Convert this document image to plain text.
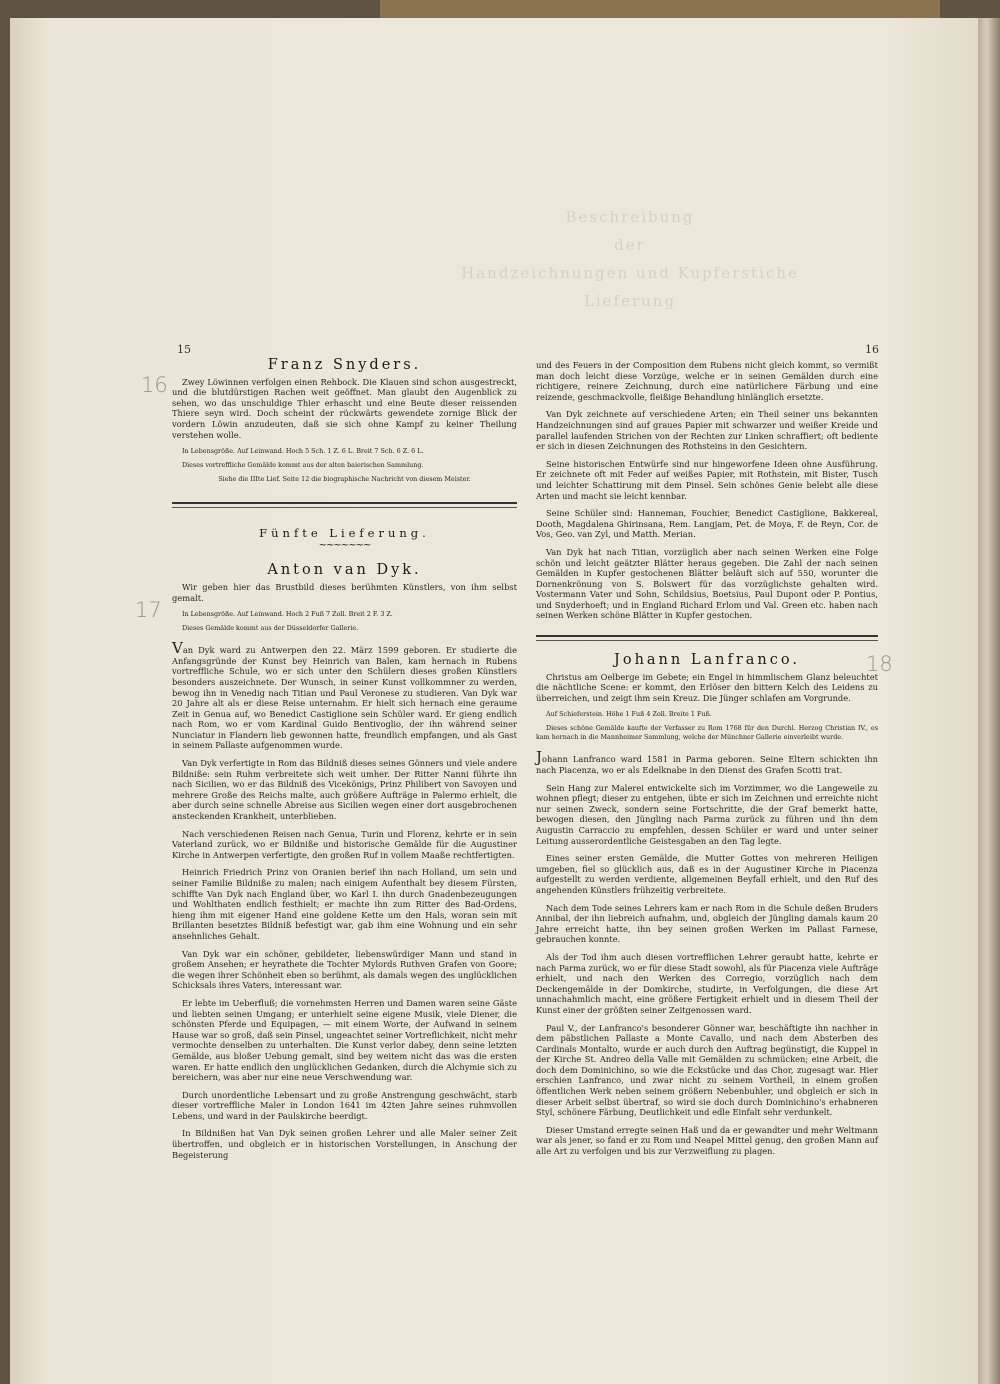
Beschreibung
der
Handzeichnungen und Kupferstiche
Lieferung
15	16
16
17
18
Franz Snyders.

Zwey Löwinnen verfolgen einen Rehbock. Die Klauen sind schon ausgestreckt, und die blutdürstigen Rachen weit geöffnet. Man glaubt den Augenblick zu sehen, wo das unschuldige Thier erhascht und eine Beute dieser reissenden Thiere seyn wird. Doch scheint der rückwärts gewendete zornige Blick der vordern Löwin anzudeuten, daß sie sich ohne Kampf zu keiner Theilung verstehen wolle.

In Lebensgröße. Auf Leinwand. Hoch 5 Sch. 1 Z. 6 L. Breit 7 Sch. 6 Z. 6 L.

Dieses vortreffliche Gemälde kommt aus der alten baierischen Sammlung.

Siehe die IIIte Lief. Seite 12 die biographische Nachricht von diesem Meister.

Fünfte Lieferung.
~~~~~~~
Anton van Dyk.

Wir geben hier das Brustbild dieses berühmten Künstlers, von ihm selbst gemalt.

In Lebensgröße. Auf Leinwand. Hoch 2 Fuß 7 Zoll. Breit 2 F. 3 Z.

Dieses Gemälde kommt aus der Düsseldorfer Gallerie.

Van Dyk ward zu Antwerpen den 22. März 1599 geboren. Er studierte die Anfangsgründe der Kunst bey Heinrich van Balen, kam hernach in Rubens vortreffliche Schule, wo er sich unter den Schülern dieses großen Künstlers besonders auszeichnete. Der Wunsch, in seiner Kunst vollkommner zu werden, bewog ihn in Venedig nach Titian und Paul Veronese zu studieren. Van Dyk war 20 Jahre alt als er diese Reise unternahm. Er hielt sich hernach eine geraume Zeit in Genua auf, wo Benedict Castiglione sein Schüler ward. Er gieng endlich nach Rom, wo er vom Kardinal Guido Bentivoglio, der ihn während seiner Nunciatur in Flandern lieb gewonnen hatte, freundlich empfangen, und als Gast in seinem Pallaste aufgenommen wurde.

Van Dyk verfertigte in Rom das Bildniß dieses seines Gönners und viele andere Bildniße: sein Ruhm verbreitete sich weit umher. Der Ritter Nanni führte ihn nach Sicilien, wo er das Bildniß des Vicekönigs, Prinz Philibert von Savoyen und mehrere Große des Reichs malte, auch größere Aufträge in Palermo erhielt, die aber durch seine schnelle Abreise aus Sicilien wegen einer dort ausgebrochenen ansteckenden Krankheit, unterblieben.

Nach verschiedenen Reisen nach Genua, Turin und Florenz, kehrte er in sein Vaterland zurück, wo er Bildniße und historische Gemälde für die Augustiner Kirche in Antwerpen verfertigte, den großen Ruf in vollem Maaße rechtfertigten.

Heinrich Friedrich Prinz von Oranien berief ihn nach Holland, um sein und seiner Familie Bildniße zu malen; nach einigem Aufenthalt bey diesem Fürsten, schiffte Van Dyk nach England über, wo Karl I. ihn durch Gnadenbezeugungen und Wohlthaten endlich festhielt; er machte ihn zum Ritter des Bad-Ordens, hieng ihm mit eigener Hand eine goldene Kette um den Hals, woran sein mit Brillanten besetztes Bildniß befestigt war, gab ihm eine Wohnung und ein sehr ansehnliches Gehalt.

Van Dyk war ein schöner, gebildeter, liebenswürdiger Mann und stand in großem Ansehen; er heyrathete die Tochter Mylords Ruthven Grafen von Goore; die wegen ihrer Schönheit eben so berühmt, als damals wegen des unglücklichen Schicksals ihres Vaters, interessant war.

Er lebte im Ueberfluß; die vornehmsten Herren und Damen waren seine Gäste und liebten seinen Umgang; er unterhielt seine eigene Musik, viele Diener, die schönsten Pferde und Equipagen, — mit einem Worte, der Aufwand in seinem Hause war so groß, daß sein Pinsel, ungeachtet seiner Vortreflichkeit, nicht mehr vermochte denselben zu unterhalten. Die Kunst verlor dabey, denn seine letzten Gemälde, aus bloßer Uebung gemalt, sind bey weitem nicht das was die ersten waren. Er hatte endlich den unglücklichen Gedanken, durch die Alchymie sich zu bereichern, was aber nur eine neue Verschwendung war.

Durch unordentliche Lebensart und zu große Anstrengung geschwächt, starb dieser vortreffliche Maler in London 1641 im 42ten Jahre seines ruhmvollen Lebens, und ward in der Paulskirche beerdigt.

In Bildnißen hat Van Dyk seinen großen Lehrer und alle Maler seiner Zeit übertroffen, und obgleich er in historischen Vorstellungen, in Anschung der Begeisterung

und des Feuers in der Composition dem Rubens nicht gleich kommt, so vermißt man doch leicht diese Vorzüge, welche er in seinen Gemälden durch eine richtigere, reinere Zeichnung, durch eine natürlichere Färbung und eine reizende, geschmackvolle, fleißige Behandlung hinlänglich ersetzte.

Van Dyk zeichnete auf verschiedene Arten; ein Theil seiner uns bekannten Handzeichnungen sind auf graues Papier mit schwarzer und weißer Kreide und parallel laufenden Strichen von der Rechten zur Linken schraffiert; oft bediente er sich in diesen Zeichnungen des Rothsteins in den Gesichtern.

Seine historischen Entwürfe sind nur hingeworfene Ideen ohne Ausführung. Er zeichnete oft mit Feder auf weißes Papier, mit Rothstein, mit Bister, Tusch und leichter Schattirung mit dem Pinsel. Sein schönes Genie belebt alle diese Arten und macht sie leicht kennbar.

Seine Schüler sind: Hanneman, Fouchier, Benedict Castiglione, Bakkereal, Dooth, Magdalena Ghirinsana, Rem. Langjam, Pet. de Moya, F. de Reyn, Cor. de Vos, Geo. van Zyl, und Matth. Merian.

Van Dyk hat nach Titian, vorzüglich aber nach seinen Werken eine Folge schön und leicht geätzter Blätter heraus gegeben. Die Zahl der nach seinen Gemälden in Kupfer gestochenen Blätter beläuft sich auf 550, worunter die Dornenkrönung von S. Bolswert für das vorzüglichste gehalten wird. Vostermann Vater und Sohn, Schildsius, Boetsius, Paul Dupont oder P. Pontius, und Snyderhoeft; und in England Richard Erlom und Val. Green etc. haben nach seinen Werken schöne Blätter in Kupfer gestochen.

Johann Lanfranco.

Christus am Oelberge im Gebete; ein Engel in himmlischem Glanz beleuchtet die nächtliche Scene: er kommt, den Erlöser den bittern Kelch des Leidens zu überreichen, und zeigt ihm sein Kreuz. Die Jünger schlafen am Vorgrunde.

Auf Schieferstein. Höhe 1 Fuß 4 Zoll. Breite 1 Fuß.

Dieses schöne Gemälde kaufte der Verfasser zu Rom 1768 für den Durchl. Herzog Christian IV., es kam hernach in die Mannheimer Sammlung, welche der Münchner Gallerie einverleibt wurde.

Johann Lanfranco ward 1581 in Parma geboren. Seine Eltern schickten ihn nach Piacenza, wo er als Edelknabe in den Dienst des Grafen Scotti trat.

Sein Hang zur Malerei entwickelte sich im Vorzimmer, wo die Langeweile zu wohnen pflegt; dieser zu entgehen, übte er sich im Zeichnen und erreichte nicht nur seinen Zweck, sondern seine Fortschritte, die der Graf bemerkt hatte, bewogen diesen, den Jüngling nach Parma zurück zu führen und ihn dem Augustin Carraccio zu empfehlen, dessen Schüler er ward und unter seiner Leitung ausserordentliche Geistesgaben an den Tag legte.

Eines seiner ersten Gemälde, die Mutter Gottes von mehreren Heiligen umgeben, fiel so glücklich aus, daß es in der Augustiner Kirche in Piacenza aufgestellt zu werden verdiente, allgemeinen Beyfall erhielt, und den Ruf des angehenden Künstlers frühzeitig verbreitete.

Nach dem Tode seines Lehrers kam er nach Rom in die Schule deßen Bruders Annibal, der ihn liebreich aufnahm, und, obgleich der Jüngling damals kaum 20 Jahre erreicht hatte, ihn bey seinen großen Werken im Pallast Farnese, gebrauchen konnte.

Als der Tod ihm auch diesen vortrefflichen Lehrer geraubt hatte, kehrte er nach Parma zurück, wo er für diese Stadt sowohl, als für Piacenza viele Aufträge erhielt, und nach den Werken des Corregio, vorzüglich nach dem Deckengemälde in der Domkirche, studirte, in Verfolgungen, die diese Art unnachahmlich macht, eine größere Fertigkeit erhielt und in diesem Theil der Kunst einer der größten seiner Zeitgenossen ward.

Paul V., der Lanfranco's besonderer Gönner war, beschäftigte ihn nachher in dem päbstlichen Pallaste a Monte Cavallo, und nach dem Absterben des Cardinals Montalto, wurde er auch durch den Auftrag begünstigt, die Kuppel in der Kirche St. Andreo della Valle mit Gemälden zu schmücken; eine Arbeit, die doch dem Dominichino, so wie die Eckstücke und das Chor, zugesagt war. Hier erschien Lanfranco, und zwar nicht zu seinem Vortheil, in einem großen öffentlichen Werk neben seinem größern Nebenbuhler, und obgleich er sich in dieser Arbeit selbst übertraf, so wird sie doch durch Dominichino's erhabneren Styl, schönere Färbung, Deutlichkeit und edle Einfalt sehr verdunkelt.

Dieser Umstand erregte seinen Haß und da er gewandter und mehr Weltmann war als jener, so fand er zu Rom und Neapel Mittel genug, den großen Mann auf alle Art zu verfolgen und bis zur Verzweiflung zu plagen.
